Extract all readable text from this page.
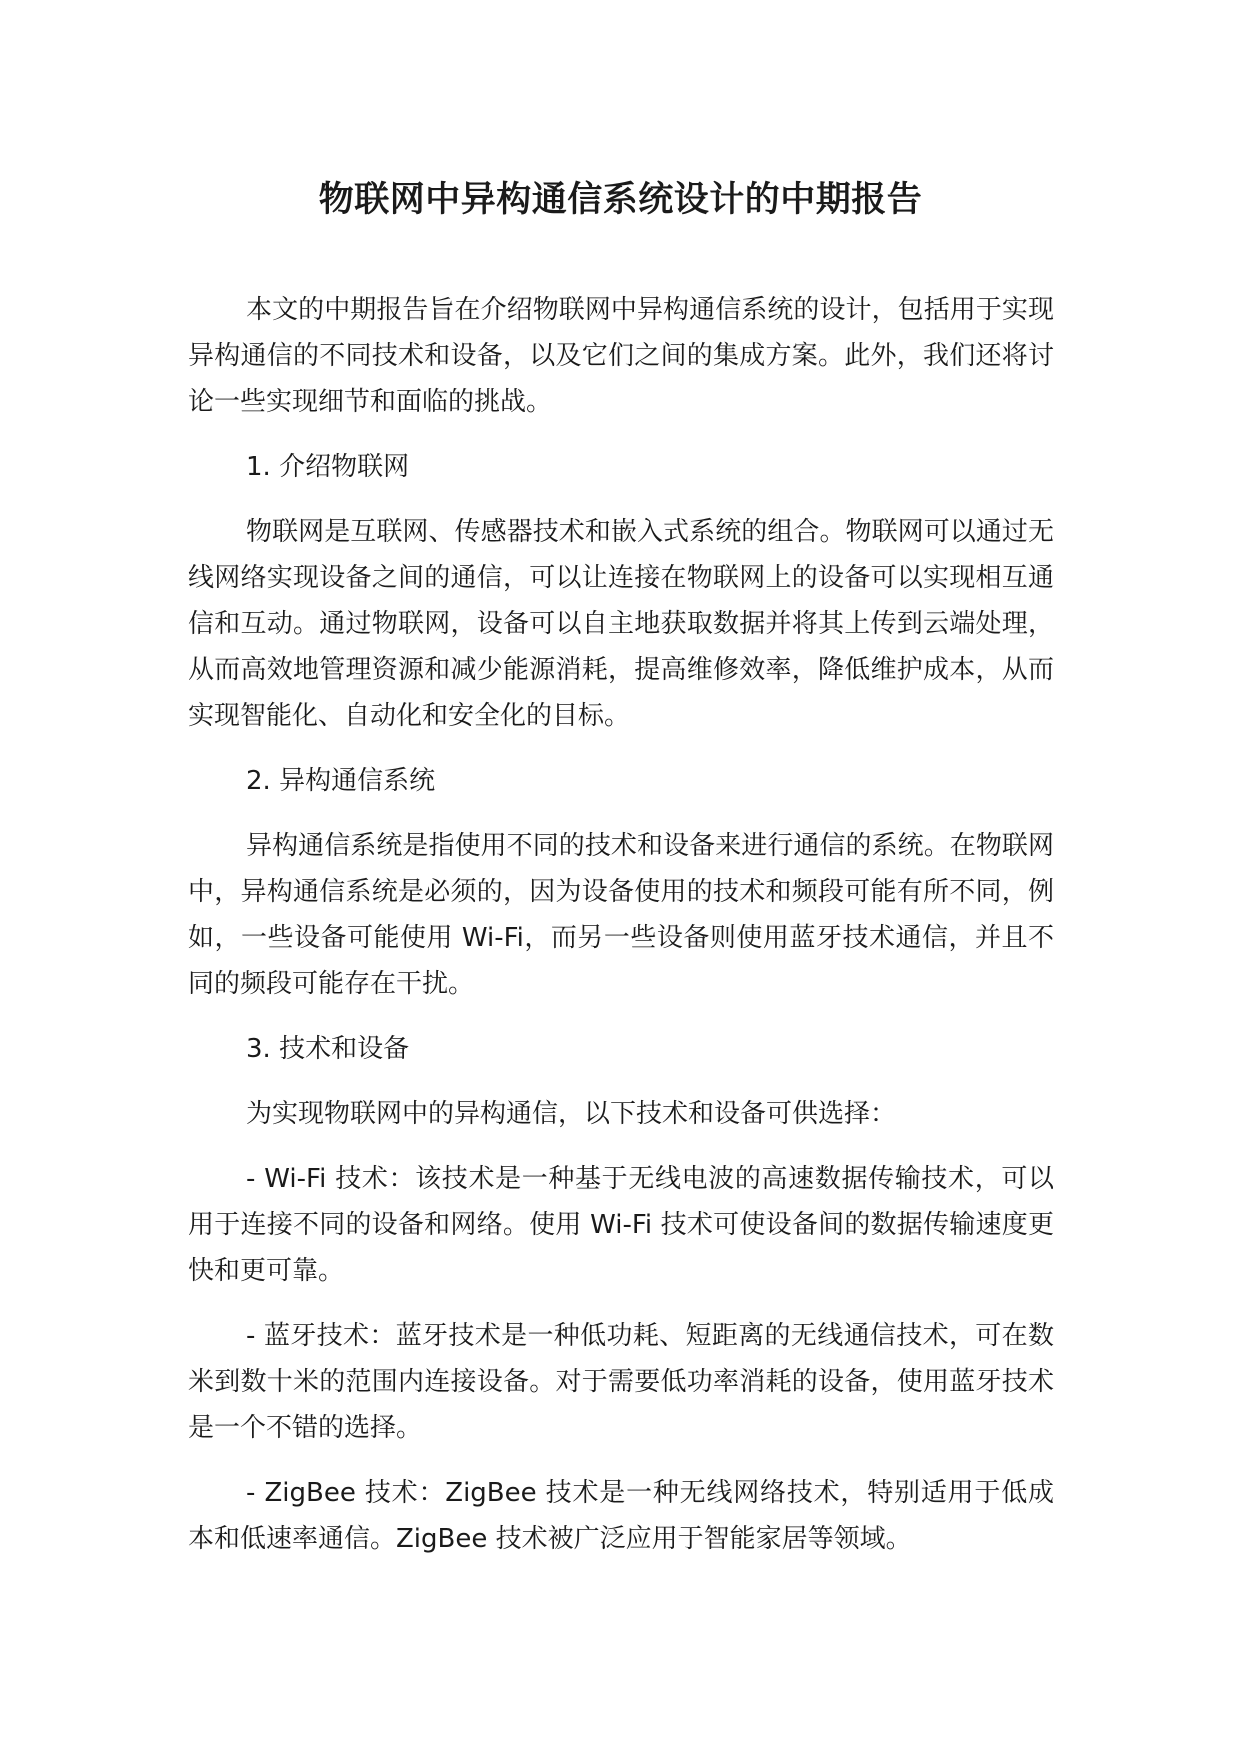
物联网中异构通信系统设计的中期报告

本文的中期报告旨在介绍物联网中异构通信系统的设计，包括用于实现异构通信的不同技术和设备，以及它们之间的集成方案。此外，我们还将讨论一些实现细节和面临的挑战。

1. 介绍物联网

物联网是互联网、传感器技术和嵌入式系统的组合。物联网可以通过无线网络实现设备之间的通信，可以让连接在物联网上的设备可以实现相互通信和互动。通过物联网，设备可以自主地获取数据并将其上传到云端处理，从而高效地管理资源和减少能源消耗，提高维修效率，降低维护成本，从而实现智能化、自动化和安全化的目标。

2. 异构通信系统

异构通信系统是指使用不同的技术和设备来进行通信的系统。在物联网中，异构通信系统是必须的，因为设备使用的技术和频段可能有所不同，例如，一些设备可能使用 Wi-Fi，而另一些设备则使用蓝牙技术通信，并且不同的频段可能存在干扰。

3. 技术和设备

为实现物联网中的异构通信，以下技术和设备可供选择：

- Wi-Fi 技术：该技术是一种基于无线电波的高速数据传输技术，可以用于连接不同的设备和网络。使用 Wi-Fi 技术可使设备间的数据传输速度更快和更可靠。

- 蓝牙技术：蓝牙技术是一种低功耗、短距离的无线通信技术，可在数米到数十米的范围内连接设备。对于需要低功率消耗的设备，使用蓝牙技术是一个不错的选择。

- ZigBee 技术：ZigBee 技术是一种无线网络技术，特别适用于低成本和低速率通信。ZigBee 技术被广泛应用于智能家居等领域。
